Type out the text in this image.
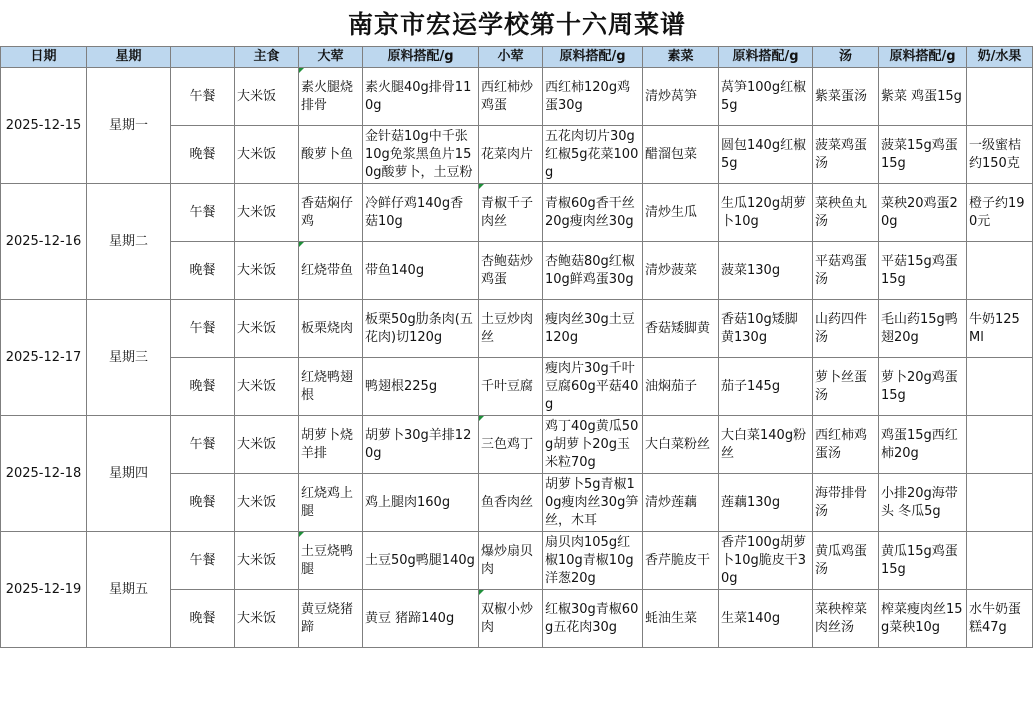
南京市宏运学校第十六周菜谱
日期	星期		主食	大荤	原料搭配/g	小荤	原料搭配/g	素菜	原料搭配/g	汤	原料搭配/g	奶/水果
2025-12-15	星期一	午餐	大米饭	素火腿烧排骨	素火腿40g排骨110g	西红柿炒鸡蛋	西红柿120g鸡蛋30g	清炒莴笋	莴笋100g红椒5g	紫菜蛋汤	紫菜 鸡蛋15g	

		晚餐	大米饭	酸萝卜鱼	金针菇10g中千张10g免浆黑鱼片150g酸萝卜，土豆粉	花菜肉片	五花肉切片30g红椒5g花菜100g	醋溜包菜	圆包140g红椒5g	菠菜鸡蛋汤	菠菜15g鸡蛋15g	一级蜜桔约150克

2025-12-16	星期二	午餐	大米饭	香菇焖仔鸡	冷鲜仔鸡140g香菇10g	青椒千子肉丝	青椒60g香干丝20g瘦肉丝30g	清炒生瓜	生瓜120g胡萝卜10g	菜秧鱼丸汤	菜秧20鸡蛋20g	橙子约190元

		晚餐	大米饭	红烧带鱼	带鱼140g	杏鲍菇炒鸡蛋	杏鲍菇80g红椒10g鲜鸡蛋30g	清炒菠菜	菠菜130g	平菇鸡蛋汤	平菇15g鸡蛋15g	

2025-12-17	星期三	午餐	大米饭	板栗烧肉	板栗50g肋条肉(五花肉)切120g	土豆炒肉丝	瘦肉丝30g土豆120g	香菇矮脚黄	香菇10g矮脚黄130g	山药四件汤	毛山药15g鸭翅20g	牛奶125Ml

		晚餐	大米饭	红烧鸭翅根	鸭翅根225g	千叶豆腐	瘦肉片30g千叶豆腐60g平菇40g	油焖茄子	茄子145g	萝卜丝蛋汤	萝卜20g鸡蛋15g	

2025-12-18	星期四	午餐	大米饭	胡萝卜烧羊排	胡萝卜30g羊排120g	三色鸡丁	鸡丁40g黄瓜50g胡萝卜20g玉米粒70g	大白菜粉丝	大白菜140g粉丝	西红柿鸡蛋汤	鸡蛋15g西红柿20g	

		晚餐	大米饭	红烧鸡上腿	鸡上腿肉160g	鱼香肉丝	胡萝卜5g青椒10g瘦肉丝30g笋丝，木耳	清炒莲藕	莲藕130g	海带排骨汤	小排20g海带头 冬瓜5g	

2025-12-19	星期五	午餐	大米饭	土豆烧鸭腿	土豆50g鸭腿140g	爆炒扇贝肉	扇贝肉105g红椒10g青椒10g洋葱20g	香芹脆皮干	香芹100g胡萝卜10g脆皮干30g	黄瓜鸡蛋汤	黄瓜15g鸡蛋15g	

		晚餐	大米饭	黄豆烧猪蹄	黄豆 猪蹄140g	双椒小炒肉	红椒30g青椒60g五花肉30g	蚝油生菜	生菜140g	菜秧榨菜肉丝汤	榨菜瘦肉丝15g菜秧10g	水牛奶蛋糕47g
